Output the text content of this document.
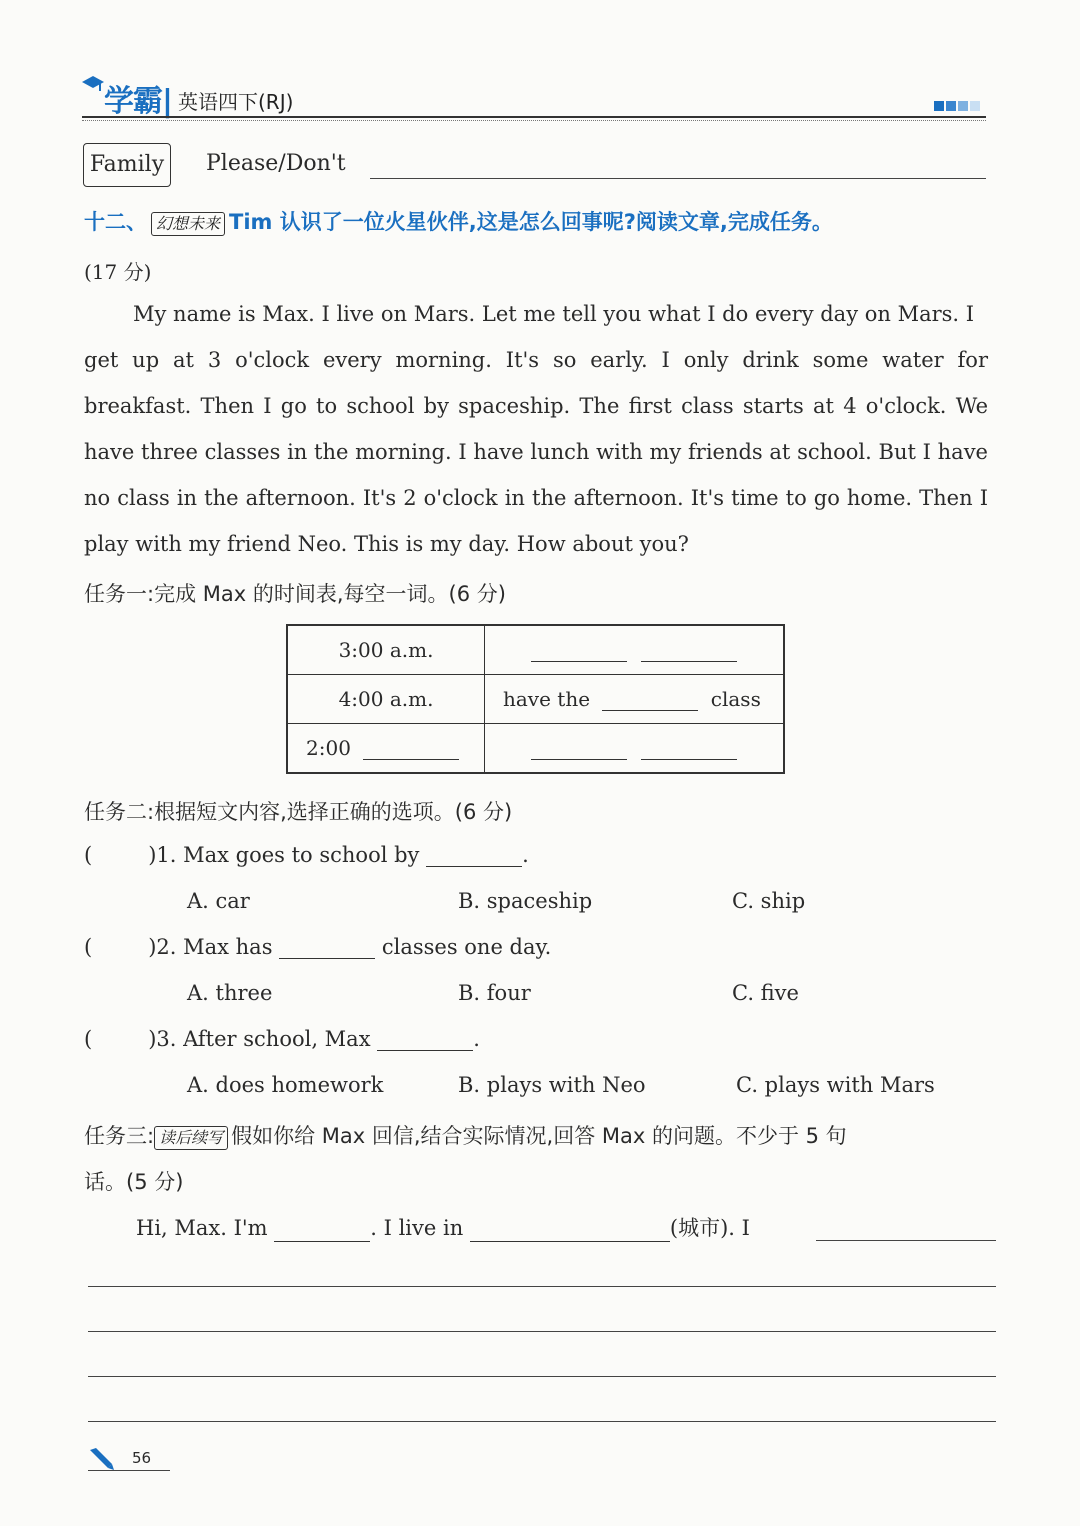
学霸| 英语四下(RJ)
Family	Please/Don't
十二、 幻想未来 Tim 认识了一位火星伙伴,这是怎么回事呢?阅读文章,完成任务。
(17 分)
My name is Max. I live on Mars. Let me tell you what I do every day on Mars. I
get up at 3 o'clock every morning. It's so early. I only drink some water for
breakfast. Then I go to school by spaceship. The first class starts at 4 o'clock. We
have three classes in the morning. I have lunch with my friends at school. But I have
no class in the afternoon. It's 2 o'clock in the afternoon. It's time to go home. Then I
play with my friend Neo. This is my day. How about you?
任务一:完成 Max 的时间表,每空一词。(6 分)
3:00 a.m.	
4:00 a.m.	have the class
2:00	
任务二:根据短文内容,选择正确的选项。(6 分)
(	)1. Max goes to school by	.
A. car	B. spaceship	C. ship
(	)2. Max has	classes one day.
A. three	B. four	C. five
(	)3. After school, Max	.
A. does homework	B. plays with Neo	C. plays with Mars
任务三: 读后续写 假如你给 Max 回信,结合实际情况,回答 Max 的问题。不少于 5 句
话。(5 分)
Hi, Max. I'm	. I live in	(城市). I
56
